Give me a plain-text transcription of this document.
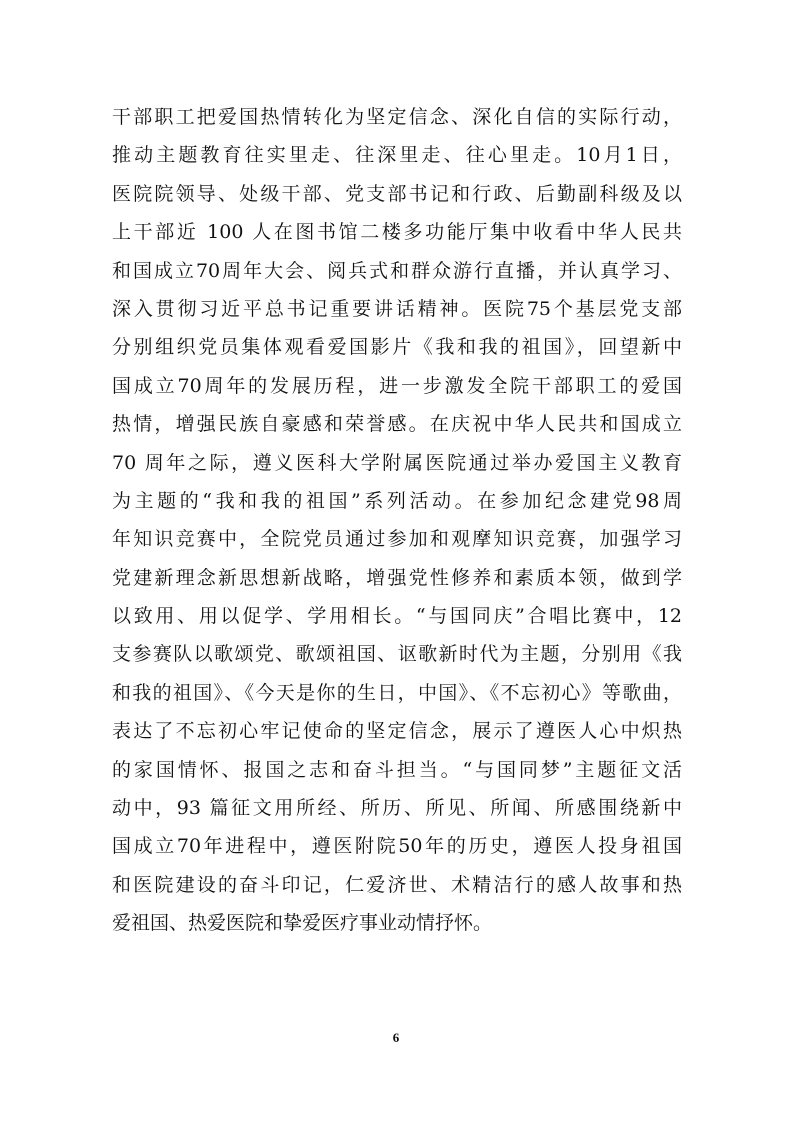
干部职工把爱国热情转化为坚定信念、深化自信的实际行动，
推动主题教育往实里走、往深里走、往心里走。10月1日，
医院院领导、处级干部、党支部书记和行政、后勤副科级及以
上干部近 100 人在图书馆二楼多功能厅集中收看中华人民共
和国成立70周年大会、阅兵式和群众游行直播，并认真学习、
深入贯彻习近平总书记重要讲话精神。医院75个基层党支部
分别组织党员集体观看爱国影片《我和我的祖国》，回望新中
国成立70周年的发展历程，进一步激发全院干部职工的爱国
热情，增强民族自豪感和荣誉感。在庆祝中华人民共和国成立
70 周年之际，遵义医科大学附属医院通过举办爱国主义教育
为主题的“我和我的祖国”系列活动。在参加纪念建党98周
年知识竞赛中，全院党员通过参加和观摩知识竞赛，加强学习
党建新理念新思想新战略，增强党性修养和素质本领，做到学
以致用、用以促学、学用相长。“与国同庆”合唱比赛中，12
支参赛队以歌颂党、歌颂祖国、讴歌新时代为主题，分别用《我
和我的祖国》、《今天是你的生日，中国》、《不忘初心》等歌曲，
表达了不忘初心牢记使命的坚定信念，展示了遵医人心中炽热
的家国情怀、报国之志和奋斗担当。“与国同梦”主题征文活
动中，93 篇征文用所经、所历、所见、所闻、所感围绕新中
国成立70年进程中，遵医附院50年的历史，遵医人投身祖国
和医院建设的奋斗印记，仁爱济世、术精洁行的感人故事和热
爱祖国、热爱医院和挚爱医疗事业动情抒怀。
6
